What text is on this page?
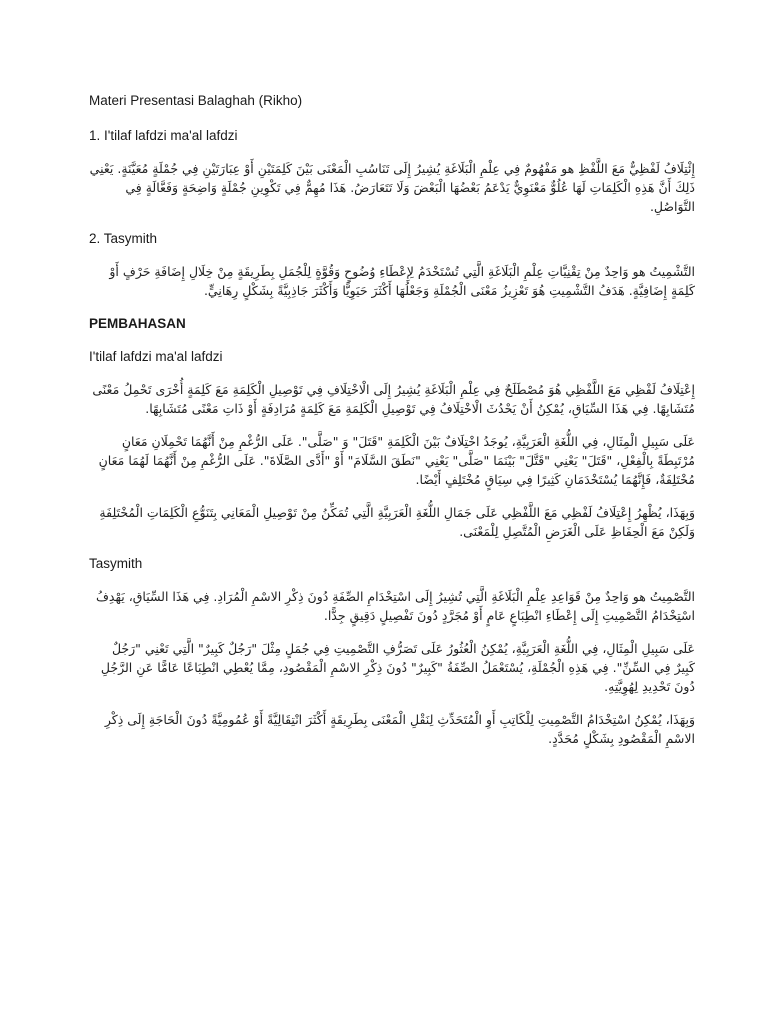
Materi Presentasi Balaghah (Rikho)

1. I'tilaf lafdzi ma'al lafdzi

إِئْتِلَافُ لَفْظِيٌّ مَعَ اللَّفْظِ هو مَفْهُومٌ فِي عِلْمِ الْبَلَاغَةِ يُشِيرُ إِلَى تَنَاسُبِ الْمَعْنَى بَيْنَ كَلِمَتَيْنِ أَوْ عِبَارَتَيْنِ فِي جُمْلَةٍ مُعَيَّنَةٍ. يَعْنِي ذَلِكَ أَنَّ هَذِهِ الْكَلِمَاتِ لَهَا عُلُوٌّ مَعْنَوِيٌّ يَدْعَمُ بَعْضُهَا الْبَعْضَ وَلَا تَتَعَارَضُ. هَذَا مُهِمٌّ فِي تَكْوِينِ جُمْلَةٍ وَاضِحَةٍ وَفَعَّالَةٍ فِي التَّوَاصُلِ.

2. Tasymith

التَّشْمِيتُ هو وَاحِدٌ مِنْ تِقْنِيَّاتِ عِلْمِ الْبَلَاغَةِ الَّتِي تُسْتَخْدَمُ لِإِعْطَاءِ وُضُوحٍ وَقُوَّةٍ لِلْجُمَلِ بِطَرِيقَةٍ مِنْ خِلَالِ إِضَافَةِ حَرْفٍ أَوْ كَلِمَةٍ إِضَافِيَّةٍ. هَدَفُ التَّشْمِيتِ هُوَ تَعْزِيزُ مَعْنَى الْجُمْلَةِ وَجَعْلُهَا أَكْثَرَ حَيَوِيًّا وَأَكْثَرَ جَاذِبِيَّةً بِشَكْلٍ رِهَانِيٍّ.

PEMBAHASAN

I'tilaf lafdzi ma'al lafdzi

إِعْتِلَافُ لَفْظِي مَعَ اللَّفْظِي هُوَ مُصْطَلَحٌ فِي عِلْمِ الْبَلَاغَةِ يُشِيرُ إِلَى الْاخْتِلَافِ فِي تَوْصِيلِ الْكَلِمَةِ مَعَ كَلِمَةٍ أُخْرَى تَحْمِلُ مَعْنًى مُتَشَابِهًا. فِي هَذَا السِّيَاقِ، يُمْكِنُ أَنْ يَحْدُثَ الْاخْتِلَافُ فِي تَوْصِيلِ الْكَلِمَةِ مَعَ كَلِمَةٍ مُرَادِفَةٍ أَوْ ذَاتِ مَعْنًى مُتَشَابِهًا.

عَلَى سَبِيلِ الْمِثَالِ، فِي اللُّغَةِ الْعَرَبِيَّةِ، يُوجَدُ اخْتِلَافٌ بَيْنَ الْكَلِمَةِ "قَتَلَ" وَ "صَلَّى". عَلَى الرُّغْمِ مِنْ أَنَّهُمَا تَحْمِلَانِ مَعَانٍ مُرْتَبِطَةً بِالْفِعْلِ، "قَتَلَ" يَعْنِي "قَتَّلَ" بَيْنَمَا "صَلَّى" يَعْنِي "نَطَقَ السَّلَامَ" أَوْ "أَدَّى الصَّلَاةَ". عَلَى الرُّغْمِ مِنْ أَنَّهُمَا لَهُمَا مَعَانٍ مُخْتَلِفَةٌ، فَإِنَّهُمَا يُسْتَخْدَمَانِ كَثِيرًا فِي سِيَاقٍ مُخْتَلِفٍ أَيْضًا.

وَبِهَذَا، يُظْهِرُ إِعْتِلَافُ لَفْظِي مَعَ اللَّفْظِي عَلَى جَمَالِ اللُّغَةِ الْعَرَبِيَّةِ الَّتِي تُمَكِّنُ مِنْ تَوْصِيلِ الْمَعَانِي بِتَنَوُّعِ الْكَلِمَاتِ الْمُخْتَلِفَةِ وَلَكِنْ مَعَ الْحِفَاظِ عَلَى الْغَرَضِ الْمُتَّصِلِ لِلْمَعْنَى.

Tasymith

التَّصْمِيتُ هو وَاحِدٌ مِنْ قَوَاعِدِ عِلْمِ الْبَلَاغَةِ الَّتِي تُشِيرُ إِلَى اسْتِخْدَامِ الصِّفَةِ دُونَ ذِكْرِ الاسْمِ الْمُرَادِ. فِي هَذَا السِّيَاقِ، يَهْدِفُ اسْتِخْدَامُ التَّصْمِيتِ إِلَى إِعْطَاءِ انْطِبَاعٍ عَامٍ أَوْ مُجَرَّدٍ دُونَ تَفْصِيلٍ دَقِيقٍ جِدًّا.

عَلَى سَبِيلِ الْمِثَالِ، فِي اللُّغَةِ الْعَرَبِيَّةِ، يُمْكِنُ الْعُثُورُ عَلَى تَصَرُّفِ التَّصْمِيتِ فِي جُمَلٍ مِثْلَ "رَجُلٌ كَبِيرٌ" الَّتِي تَعْنِي "رَجُلٌ كَبِيرٌ فِي السِّنِّ". فِي هَذِهِ الْجُمْلَةِ، يُسْتَعْمَلُ الصِّفَةُ "كَبِيرٌ" دُونَ ذِكْرِ الاسْمِ الْمَقْصُودِ، مِمَّا يُعْطِي انْطِبَاعًا عَامًّا عَنِ الرَّجُلِ دُونَ تَحْدِيدِ لِهُوِيَّتِهِ.

وَبِهَذَا، يُمْكِنُ اسْتِخْدَامُ التَّصْمِيتِ لِلْكَاتِبِ أَوِ الْمُتَحَدِّثِ لِنَقْلِ الْمَعْنَى بِطَرِيقَةٍ أَكْثَرَ انْتِقَالِيَّةً أَوْ عُمُومِيَّةً دُونَ الْحَاجَةِ إِلَى ذِكْرِ الاسْمِ الْمَقْصُودِ بِشَكْلٍ مُحَدَّدٍ.
